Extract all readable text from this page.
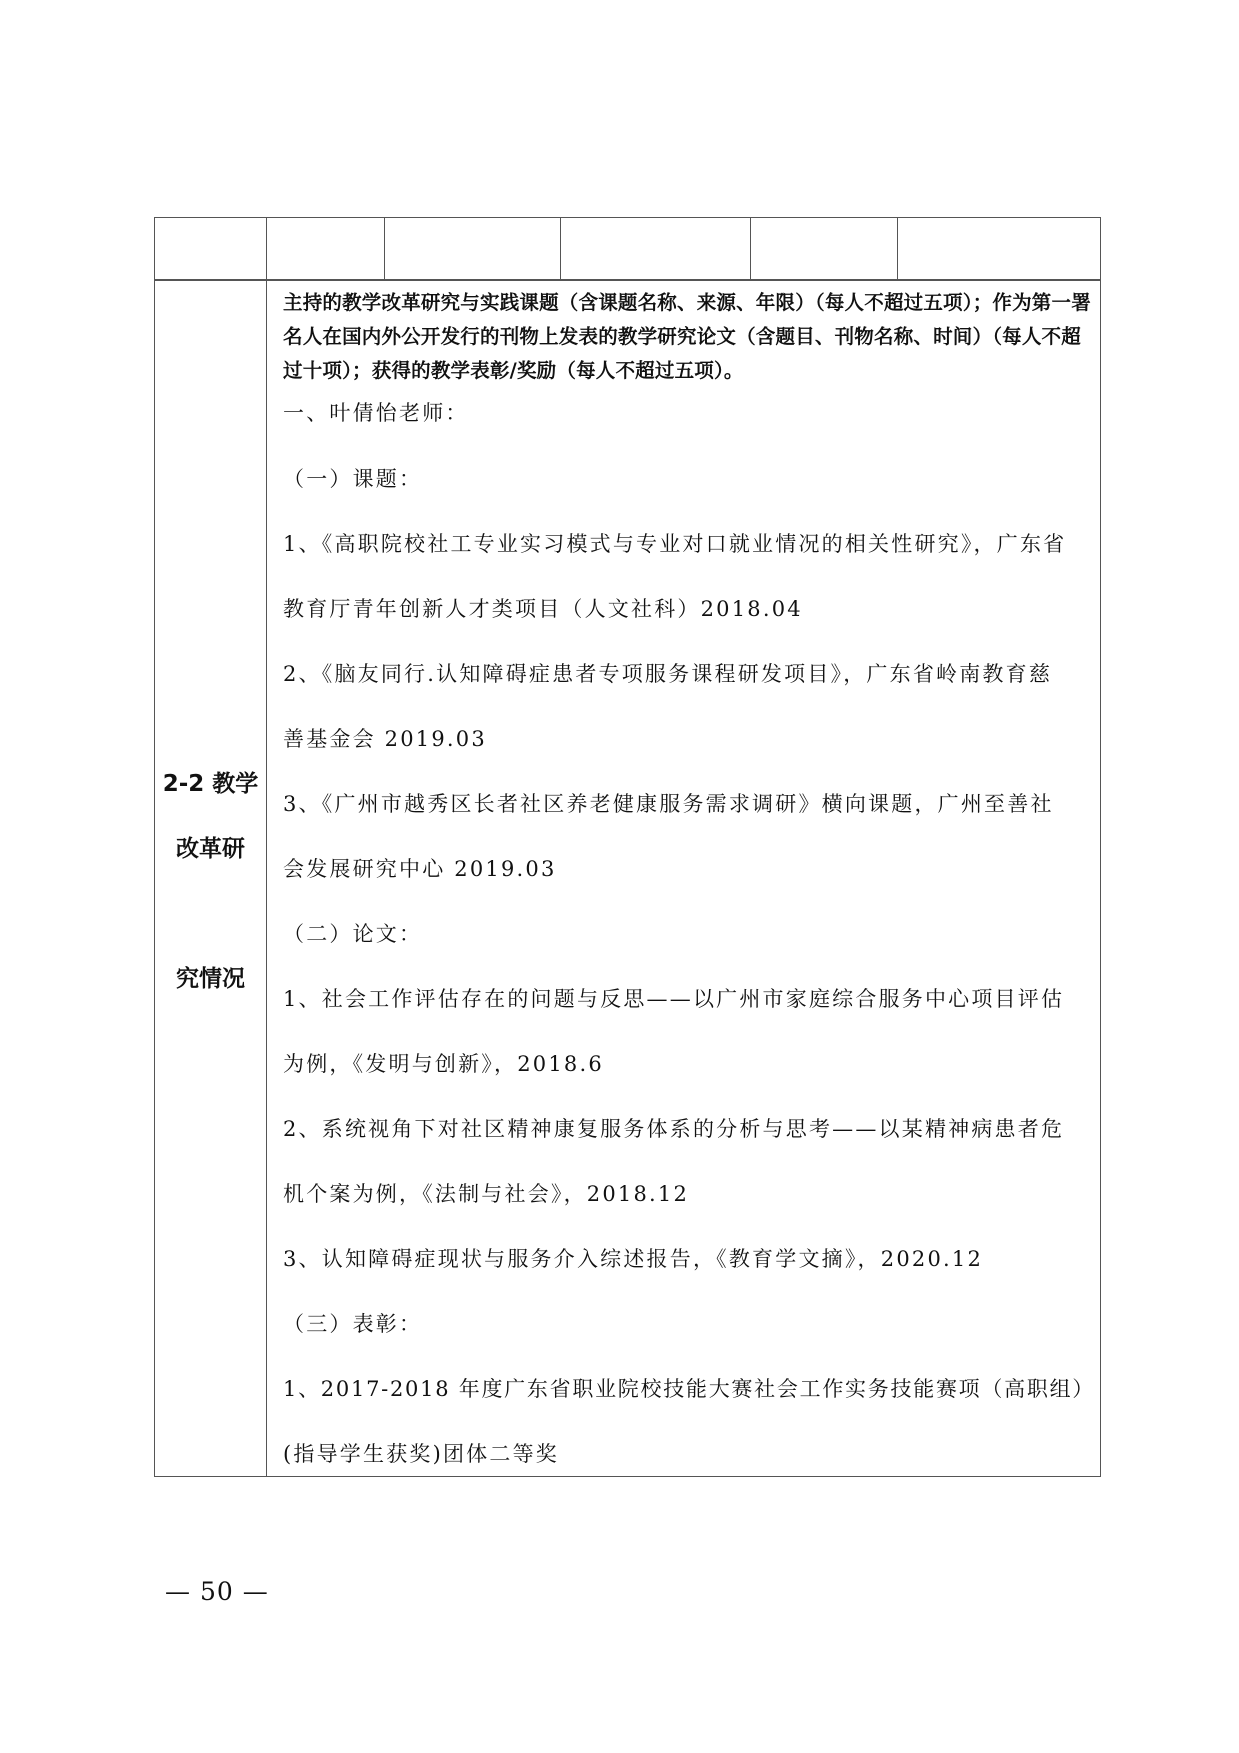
2-2 教学
改革研
究情况
主持的教学改革研究与实践课题（含课题名称、来源、年限）（每人不超过五项）；作为第一署名人在国内外公开发行的刊物上发表的教学研究论文（含题目、刊物名称、时间）（每人不超过十项）；获得的教学表彰/奖励（每人不超过五项）。
一、叶倩怡老师：
（一）课题：
1、《高职院校社工专业实习模式与专业对口就业情况的相关性研究》，广东省
教育厅青年创新人才类项目（人文社科）2018.04
2、《脑友同行.认知障碍症患者专项服务课程研发项目》，广东省岭南教育慈
善基金会 2019.03
3、《广州市越秀区长者社区养老健康服务需求调研》横向课题，广州至善社
会发展研究中心 2019.03
（二）论文：
1、社会工作评估存在的问题与反思——以广州市家庭综合服务中心项目评估
为例，《发明与创新》，2018.6
2、系统视角下对社区精神康复服务体系的分析与思考——以某精神病患者危
机个案为例，《法制与社会》，2018.12
3、认知障碍症现状与服务介入综述报告，《教育学文摘》，2020.12
（三）表彰：
1、2017-2018 年度广东省职业院校技能大赛社会工作实务技能赛项（高职组）
(指导学生获奖)团体二等奖
— 50 —
